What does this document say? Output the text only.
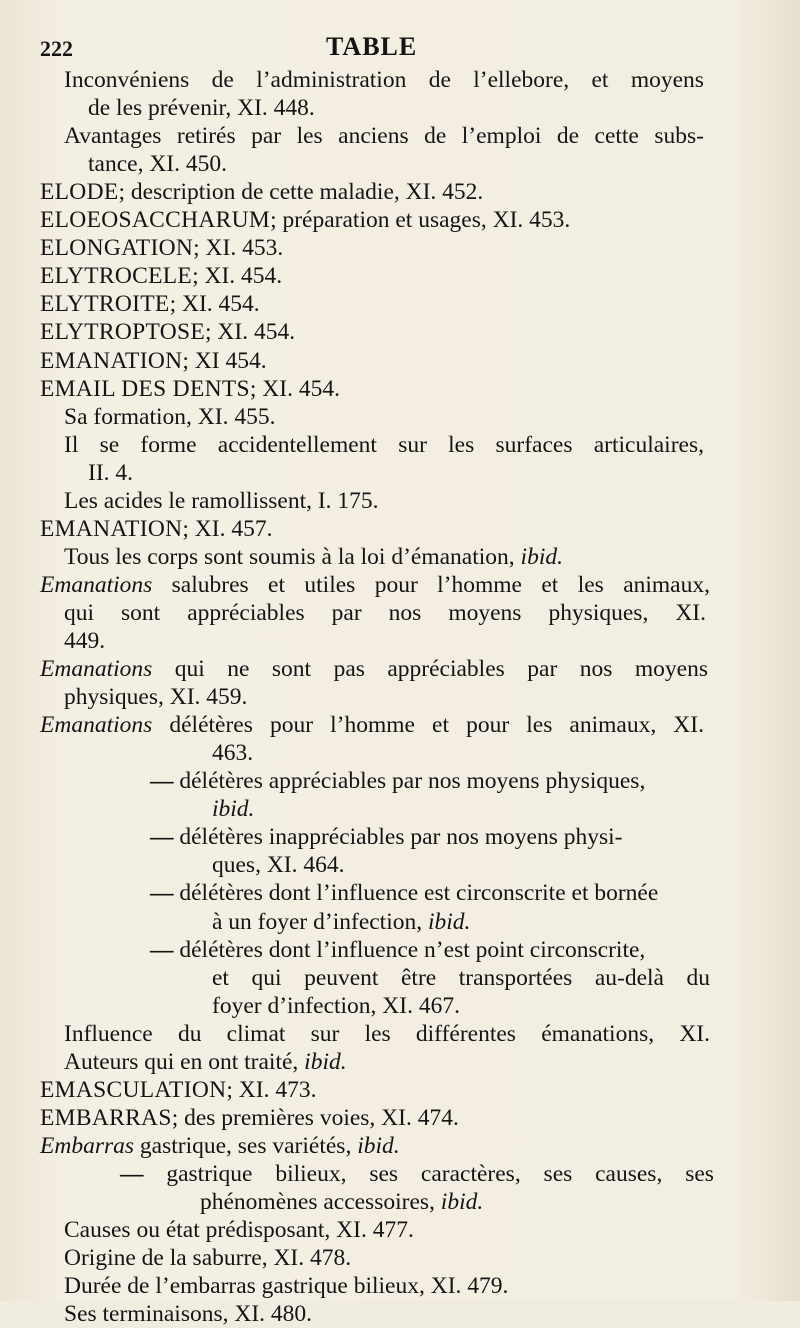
222	TABLE
Inconvéniens de l’administration de l’ellebore, et moyens
de les prévenir, XI. 448.
Avantages retirés par les anciens de l’emploi de cette subs-
tance, XI. 450.
ELODE; description de cette maladie, XI. 452.
ELOEOSACCHARUM; préparation et usages, XI. 453.
ELONGATION; XI. 453.
ELYTROCELE; XI. 454.
ELYTROITE; XI. 454.
ELYTROPTOSE; XI. 454.
EMANATION; XI 454.
EMAIL DES DENTS; XI. 454.
Sa formation, XI. 455.
Il se forme accidentellement sur les surfaces articulaires,
II. 4.
Les acides le ramollissent, I. 175.
EMANATION; XI. 457.
Tous les corps sont soumis à la loi d’émanation, ibid.
Emanations salubres et utiles pour l’homme et les animaux,
qui sont appréciables par nos moyens physiques, XI.
449.
Emanations qui ne sont pas appréciables par nos moyens
physiques, XI. 459.
Emanations délétères pour l’homme et pour les animaux, XI.
463.
— délétères appréciables par nos moyens physiques,
ibid.
— délétères inappréciables par nos moyens physi-
ques, XI. 464.
— délétères dont l’influence est circonscrite et bornée
à un foyer d’infection, ibid.
— délétères dont l’influence n’est point circonscrite,
et qui peuvent être transportées au-delà du
foyer d’infection, XI. 467.
Influence du climat sur les différentes émanations, XI.
Auteurs qui en ont traité, ibid.
EMASCULATION; XI. 473.
EMBARRAS; des premières voies, XI. 474.
Embarras gastrique, ses variétés, ibid.
— gastrique bilieux, ses caractères, ses causes, ses
phénomènes accessoires, ibid.
Causes ou état prédisposant, XI. 477.
Origine de la saburre, XI. 478.
Durée de l’embarras gastrique bilieux, XI. 479.
Ses terminaisons, XI. 480.
